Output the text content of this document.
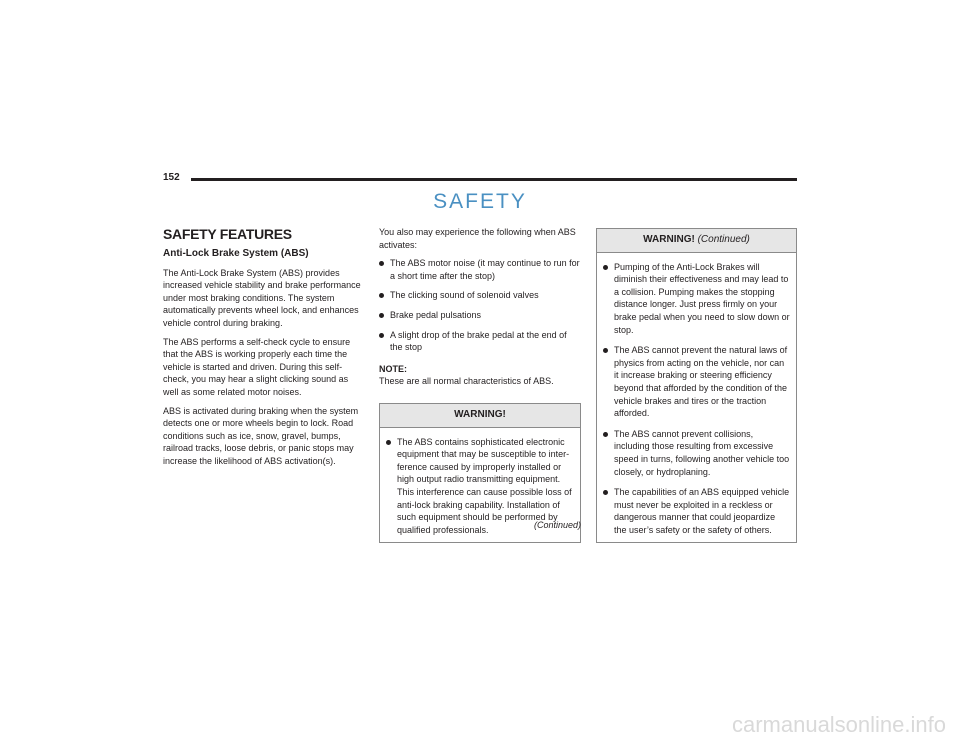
152
SAFETY
SAFETY FEATURES
Anti-Lock Brake System (ABS)

The Anti-Lock Brake System (ABS) provides increased vehicle stability and brake performance under most braking conditions. The system automatically prevents wheel lock, and enhances vehicle control during braking.

The ABS performs a self-check cycle to ensure that the ABS is working properly each time the vehicle is started and driven. During this self-check, you may hear a slight clicking sound as well as some related motor noises.

ABS is activated during braking when the system detects one or more wheels begin to lock. Road conditions such as ice, snow, gravel, bumps, railroad tracks, loose debris, or panic stops may increase the likelihood of ABS activation(s).

You also may experience the following when ABS activates:

The ABS motor noise (it may continue to run for a short time after the stop)
The clicking sound of solenoid valves
Brake pedal pulsations
A slight drop of the brake pedal at the end of the stop
NOTE:
These are all normal characteristics of ABS.
WARNING!
The ABS contains sophisticated electronic equipment that may be susceptible to inter-ference caused by improperly installed or high output radio transmitting equipment. This interference can cause possible loss of anti-lock braking capability. Installation of such equipment should be performed by qualified professionals.	(Continued)
WARNING! (Continued)
Pumping of the Anti-Lock Brakes will diminish their effectiveness and may lead to a collision. Pumping makes the stopping distance longer. Just press firmly on your brake pedal when you need to slow down or stop.
The ABS cannot prevent the natural laws of physics from acting on the vehicle, nor can it increase braking or steering efficiency beyond that afforded by the condition of the vehicle brakes and tires or the traction afforded.
The ABS cannot prevent collisions, including those resulting from excessive speed in turns, following another vehicle too closely, or hydroplaning.
The capabilities of an ABS equipped vehicle must never be exploited in a reckless or dangerous manner that could jeopardize the user’s safety or the safety of others.
carmanualsonline.info
